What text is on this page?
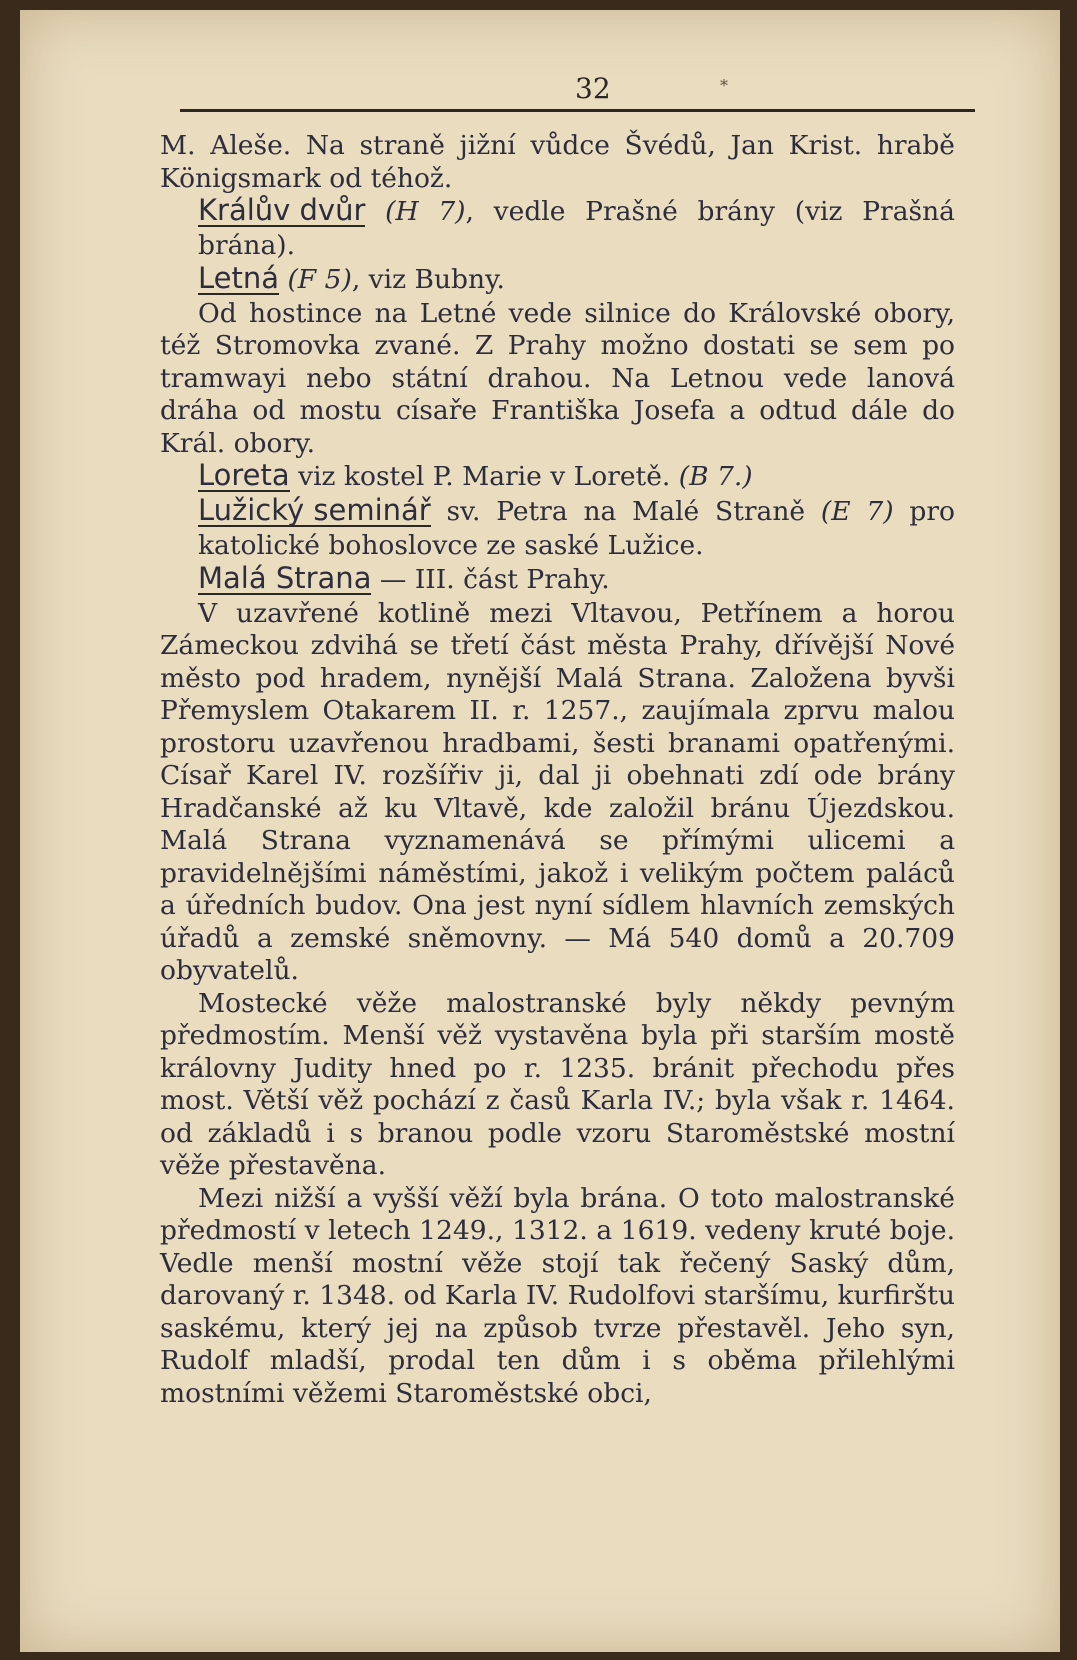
32	*

M. Aleše. Na straně jižní vůdce Švédů, Jan Krist. hrabě Königsmark od téhož.

Králův dvůr (H 7), vedle Prašné brány (viz Prašná brána).

Letná (F 5), viz Bubny.

Od hostince na Letné vede silnice do Královské obory, též Stromovka zvané. Z Prahy možno dostati se sem po tramwayi nebo státní drahou. Na Letnou vede lanová dráha od mostu císaře Františka Josefa a odtud dále do Král. obory.

Loreta viz kostel P. Marie v Loretě. (B 7.)

Lužický seminář sv. Petra na Malé Straně (E 7) pro katolické bohoslovce ze saské Lužice.

Malá Strana — III. část Prahy.

V uzavřené kotlině mezi Vltavou, Petřínem a horou Zámeckou zdvihá se třetí část města Prahy, dřívější Nové město pod hradem, nynější Malá Strana. Založena byvši Přemyslem Otakarem II. r. 1257., zaujímala zprvu malou prostoru uzavřenou hradbami, šesti branami opatřenými. Císař Karel IV. rozšířiv ji, dal ji obehnati zdí ode brány Hradčanské až ku Vltavě, kde založil bránu Újezdskou. Malá Strana vyznamenává se přímými ulicemi a pravidelnějšími náměstími, jakož i velikým počtem paláců a úředních budov. Ona jest nyní sídlem hlavních zemských úřadů a zemské sněmovny. — Má 540 domů a 20.709 obyvatelů.

Mostecké věže malostranské byly někdy pevným předmostím. Menší věž vystavěna byla při starším mostě královny Judity hned po r. 1235. bránit přechodu přes most. Větší věž pochází z časů Karla IV.; byla však r. 1464. od základů i s branou podle vzoru Staroměstské mostní věže přestavěna.

Mezi nižší a vyšší věží byla brána. O toto malostranské předmostí v letech 1249., 1312. a 1619. vedeny kruté boje. Vedle menší mostní věže stojí tak řečený Saský dům, darovaný r. 1348. od Karla IV. Rudolfovi staršímu, kurfirštu saskému, který jej na způsob tvrze přestavěl. Jeho syn, Rudolf mladší, prodal ten dům i s oběma přilehlými mostními věžemi Staroměstské obci,
